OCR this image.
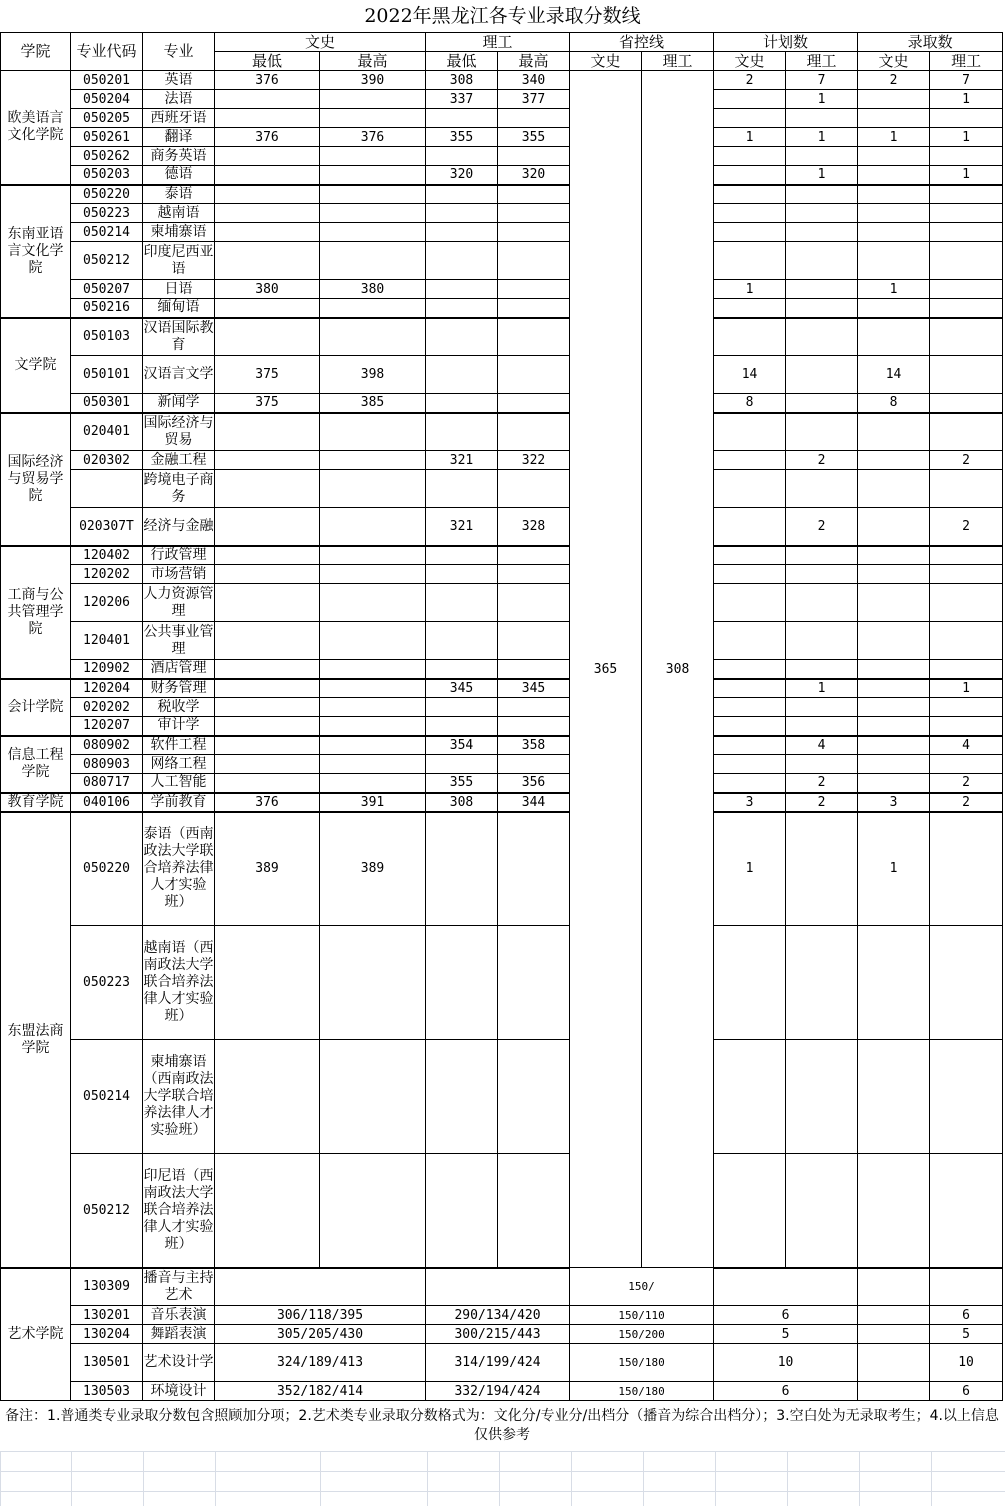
2022年黑龙江各专业录取分数线
学院	专业代码	专业	文史		理工		省控线		计划数		录取数	
			最低	最高	最低	最高	文史	理工	文史	理工	文史	理工
欧美语言文化学院	050201	英语	376	390	308	340	365	308	2	7	2	7
	050204	法语			337	377				1		1
	050205	西班牙语										
	050261	翻译	376	376	355	355			1	1	1	1
	050262	商务英语										
	050203	德语			320	320				1		1
东南亚语言文化学院	050220	泰语										
	050223	越南语										
	050214	柬埔寨语										
	050212	印度尼西亚语										
	050207	日语	380	380					1		1	
	050216	缅甸语										
文学院	050103	汉语国际教育										
	050101	汉语言文学	375	398					14		14	
	050301	新闻学	375	385					8		8	
国际经济与贸易学院	020401	国际经济与贸易										
	020302	金融工程			321	322				2		2
		跨境电子商务										
	020307T	经济与金融			321	328				2		2
工商与公共管理学院	120402	行政管理										
	120202	市场营销										
	120206	人力资源管理										
	120401	公共事业管理										
	120902	酒店管理										
会计学院	120204	财务管理			345	345				1		1
	020202	税收学										
	120207	审计学										
信息工程学院	080902	软件工程			354	358				4		4
	080903	网络工程										
	080717	人工智能			355	356				2		2
教育学院	040106	学前教育	376	391	308	344			3	2	3	2
东盟法商学院	050220	泰语（西南政法大学联合培养法律人才实验班）	389	389					1		1	
	050223	越南语（西南政法大学联合培养法律人才实验班）										
	050214	柬埔寨语（西南政法大学联合培养法律人才实验班）										
	050212	印尼语（西南政法大学联合培养法律人才实验班）										
艺术学院	130309	播音与主持艺术					150/					
	130201	音乐表演	306/118/395		290/134/420		150/110		6			6
	130204	舞蹈表演	305/205/430		300/215/443		150/200		5			5
	130501	艺术设计学	324/189/413		314/199/424		150/180		10			10
	130503	环境设计	352/182/414		332/194/424		150/180		6			6
备注：1.普通类专业录取分数包含照顾加分项；2.艺术类专业录取分数格式为：文化分/专业分/出档分（播音为综合出档分）；3.空白处为无录取考生；4.以上信息仅供参考
